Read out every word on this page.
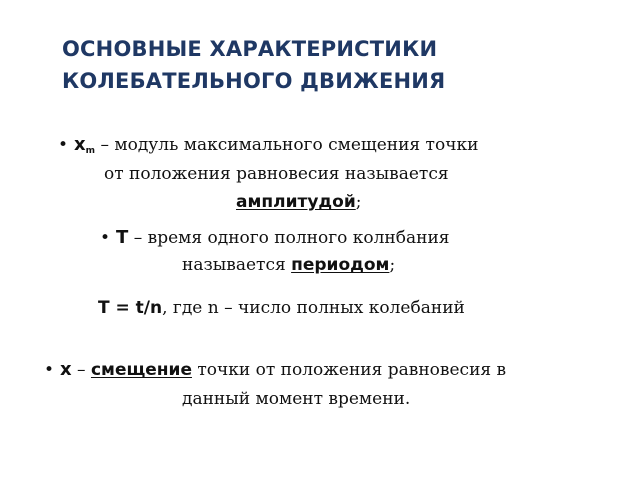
ОСНОВНЫЕ ХАРАКТЕРИСТИКИ
КОЛЕБАТЕЛЬНОГО ДВИЖЕНИЯ
• $x_m$ – модуль максимального смещения точки
от положения равновесия называется
амплитудой;
• T – время одного полного колнбания
называется периодом;
T = t/n, где n – число полных колебаний
• x – смещение точки от положения равновесия в
данный момент времени.
